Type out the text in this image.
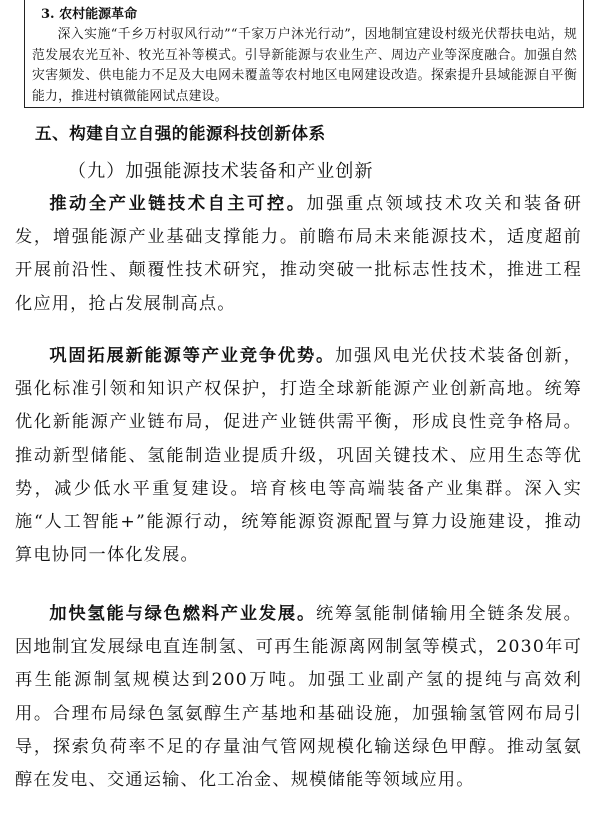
3. 农村能源革命

深入实施“千乡万村驭风行动”“千家万户沐光行动”，因地制宜建设村级光伏帮扶电站，规范发展农光互补、牧光互补等模式。引导新能源与农业生产、周边产业等深度融合。加强自然灾害频发、供电能力不足及大电网未覆盖等农村地区电网建设改造。探索提升县域能源自平衡能力，推进村镇微能网试点建设。

五、构建自立自强的能源科技创新体系
（九）加强能源技术装备和产业创新

推动全产业链技术自主可控。加强重点领域技术攻关和装备研发，增强能源产业基础支撑能力。前瞻布局未来能源技术，适度超前开展前沿性、颠覆性技术研究，推动突破一批标志性技术，推进工程化应用，抢占发展制高点。

巩固拓展新能源等产业竞争优势。加强风电光伏技术装备创新，强化标准引领和知识产权保护，打造全球新能源产业创新高地。统筹优化新能源产业链布局，促进产业链供需平衡，形成良性竞争格局。推动新型储能、氢能制造业提质升级，巩固关键技术、应用生态等优势，减少低水平重复建设。培育核电等高端装备产业集群。深入实施“人工智能+”能源行动，统筹能源资源配置与算力设施建设，推动算电协同一体化发展。

加快氢能与绿色燃料产业发展。统筹氢能制储输用全链条发展。因地制宜发展绿电直连制氢、可再生能源离网制氢等模式，2030年可再生能源制氢规模达到200万吨。加强工业副产氢的提纯与高效利用。合理布局绿色氢氨醇生产基地和基础设施，加强输氢管网布局引导，探索负荷率不足的存量油气管网规模化输送绿色甲醇。推动氢氨醇在发电、交通运输、化工冶金、规模储能等领域应用。
